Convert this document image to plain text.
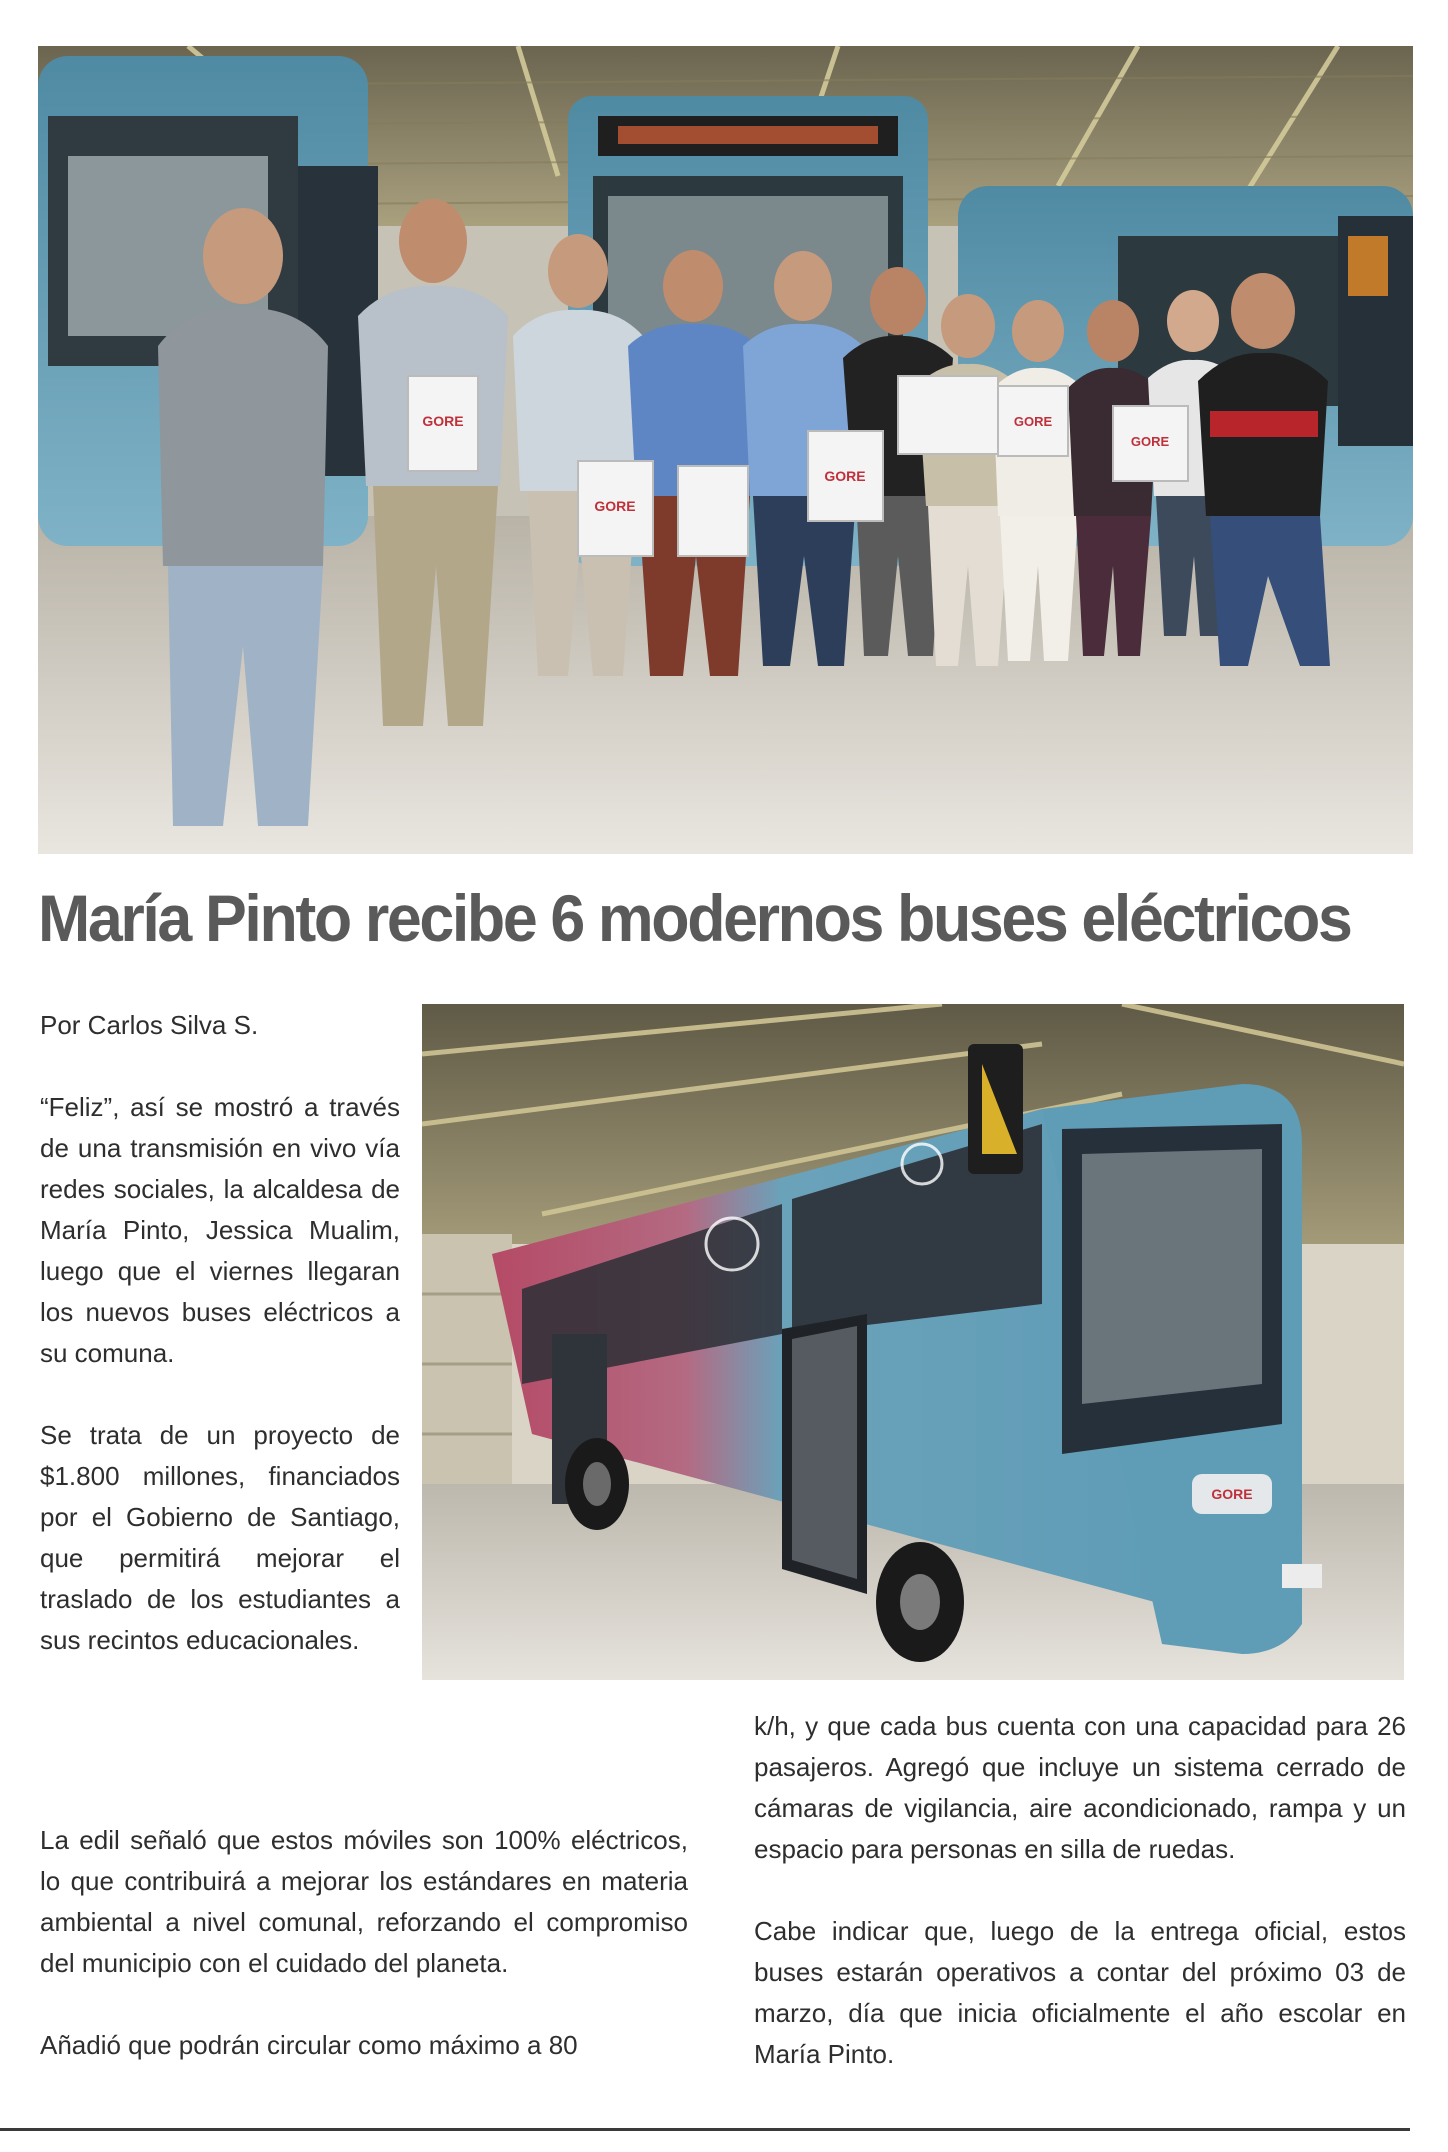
GORE
GORE
GORE
GORE
GORE
María Pinto recibe 6 modernos buses eléctricos
Por Carlos Silva S.

“Feliz”, así se mostró a través de una transmisión en vivo vía redes sociales, la alcaldesa de María Pinto, Jessica Mualim, luego que el viernes llegaran los nuevos buses eléctricos a su comuna.

Se trata de un proyecto de $1.800 millones, financiados por el Gobierno de Santiago, que permitirá mejorar el traslado de los estudiantes a sus recintos educacionales.

GORE

La edil señaló que estos móviles son 100% eléctricos, lo que contribuirá a mejorar los estándares en materia ambiental a nivel comunal, reforzando el compromiso del municipio con el cuidado del planeta.

Añadió que podrán circular como máximo a 80

k/h, y que cada bus cuenta con una capacidad para 26 pasajeros. Agregó que incluye un sistema cerrado de cámaras de vigilancia, aire acondicionado, rampa y un espacio para personas en silla de ruedas.

Cabe indicar que, luego de la entrega oficial, estos buses estarán operativos a contar del próximo 03 de marzo, día que inicia oficialmente el año escolar en María Pinto.
